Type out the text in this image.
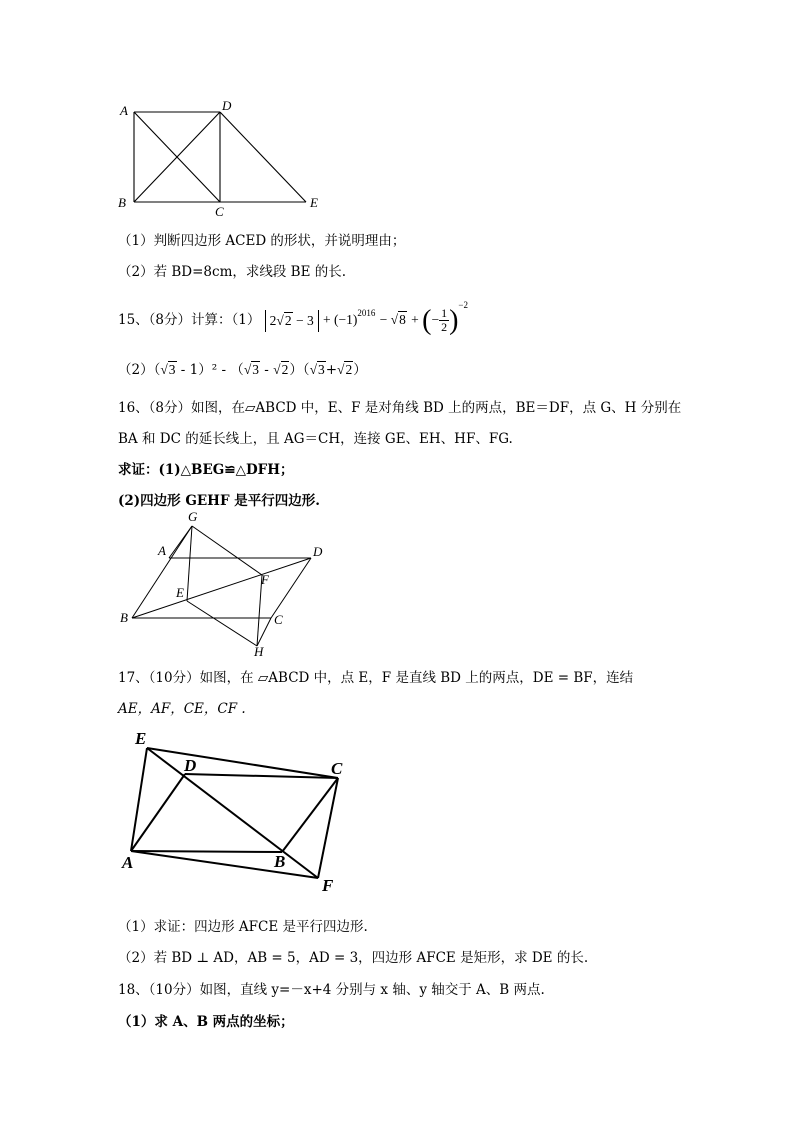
A	D
B
C
E
（1）判断四边形 ACED 的形状，并说明理由；
（2）若 BD=8cm，求线段 BE 的长.
15、（8分）计算：（1） $2√2 - 3 + (-1)^{2016} - √8$ + (− $\frac{1}{2} )^{-2}$
（2）（√3 - 1）² - （√3 - √2）（√3+√2）
16、（8分）如图，在▱ABCD 中，E、F 是对角线 BD 上的两点，BE＝DF，点 G、H 分别在
BA 和 DC 的延长线上，且 AG＝CH，连接 GE、EH、HF、FG.
求证：(1)△BEG≌△DFH；
(2)四边形 GEHF 是平行四边形.
G
A	D
F
E
B	C
H
17、（10分）如图，在 ▱ABCD 中，点 E，F 是直线 BD 上的两点，DE = BF，连结
AE，AF，CE，CF .
E
D	C
A	B
F
（1）求证：四边形 AFCE 是平行四边形.
（2）若 BD ⊥ AD，AB = 5，AD = 3，四边形 AFCE 是矩形，求 DE 的长.
18、（10分）如图，直线 y=－x+4 分别与 x 轴、y 轴交于 A、B 两点.
（1）求 A、B 两点的坐标；
